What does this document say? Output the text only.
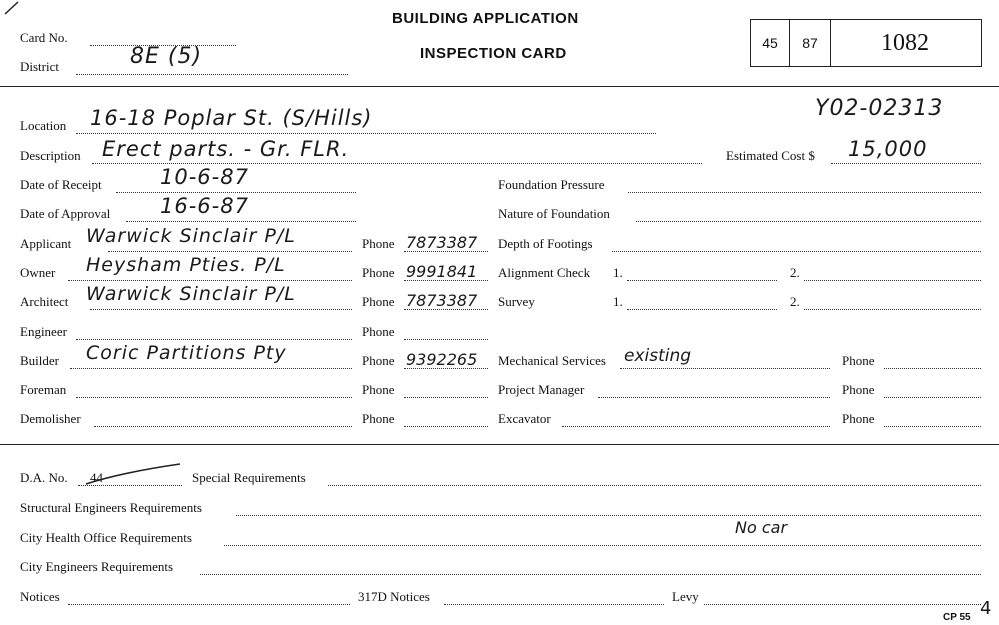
Card No.
District	8E (5)
BUILDING APPLICATION
INSPECTION CARD
45	87	1082
Y02-02313
Location 16-18 Poplar St. (S/Hills)
Description Erect parts. - Gr. FLR.	Estimated Cost $ 15,000
Date of Receipt	10-6-87	Foundation Pressure
Date of Approval 16-6-87	Nature of Foundation
Applicant Warwick Sinclair P/L	Phone 7873387
Owner Heysham Pties. P/L	Phone 9991841
Architect Warwick Sinclair P/L	Phone 7873387
Engineer	Phone
Builder Coric Partitions Pty	Phone 9392265
Foreman	Phone
Demolisher	Phone
Depth of Footings
Alignment Check 1.	2.
Survey	1.	2.
Mechanical Services existing	Phone
Project Manager	Phone
Excavator	Phone
D.A. No. 44	Special Requirements
Structural Engineers Requirements
City Health Office Requirements
No car
City Engineers Requirements
Notices	317D Notices	Levy
CP 55 4
